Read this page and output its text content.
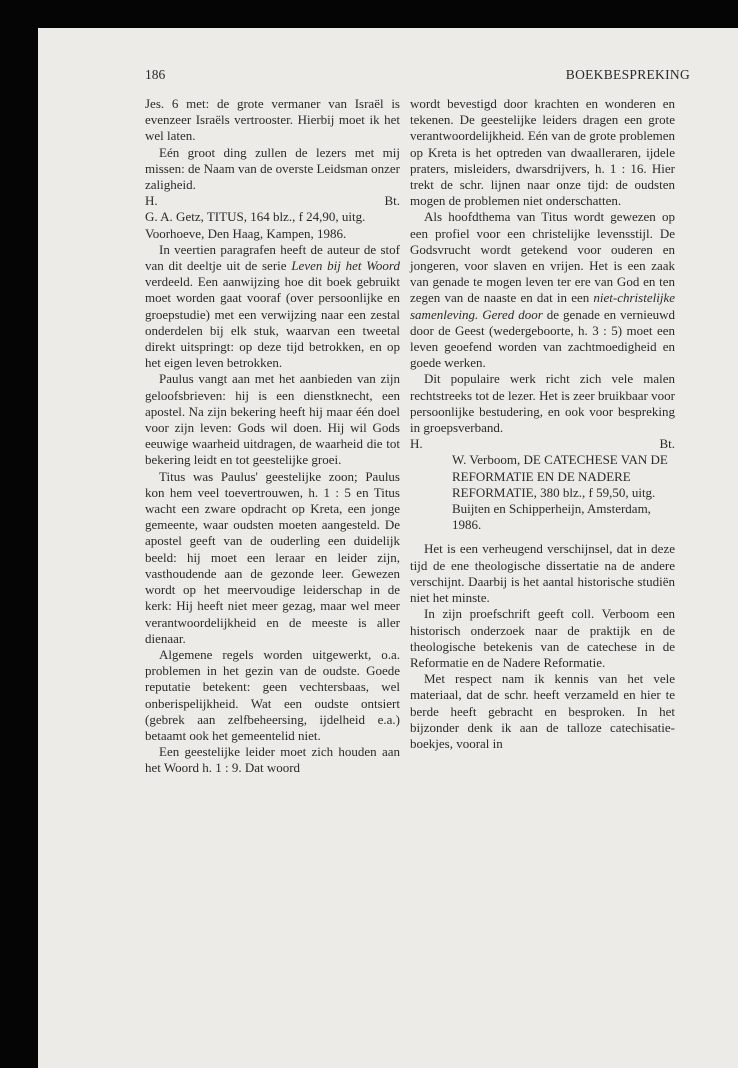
186	BOEKBESPREKING

Jes. 6 met: de grote vermaner van Israël is evenzeer Israëls vertrooster. Hierbij moet ik het wel laten.

Eén groot ding zullen de lezers met mij missen: de Naam van de overste Leidsman onzer zaligheid.

H.	Bt.

G. A. Getz, TITUS, 164 blz., f 24,90, uitg. Voorhoeve, Den Haag, Kampen, 1986.

In veertien paragrafen heeft de auteur de stof van dit deeltje uit de serie Leven bij het Woord verdeeld. Een aanwijzing hoe dit boek gebruikt moet worden gaat vooraf (over persoonlijke en groepstudie) met een verwijzing naar een zestal onderdelen bij elk stuk, waarvan een tweetal direkt uitspringt: op deze tijd betrokken, en op het eigen leven betrokken.

Paulus vangt aan met het aanbieden van zijn geloofsbrieven: hij is een dienstknecht, een apostel. Na zijn bekering heeft hij maar één doel voor zijn leven: Gods wil doen. Hij wil Gods eeuwige waarheid uitdragen, de waarheid die tot bekering leidt en tot geestelijke groei.

Titus was Paulus' geestelijke zoon; Paulus kon hem veel toevertrouwen, h. 1 : 5 en Titus wacht een zware opdracht op Kreta, een jonge gemeente, waar oudsten moeten aangesteld. De apostel geeft van de ouderling een duidelijk beeld: hij moet een leraar en leider zijn, vasthoudende aan de gezonde leer. Gewezen wordt op het meervoudige leiderschap in de kerk: Hij heeft niet meer gezag, maar wel meer verantwoordelijkheid en de meeste is aller dienaar.

Algemene regels worden uitgewerkt, o.a. problemen in het gezin van de oudste. Goede reputatie betekent: geen vechtersbaas, wel onberispelijkheid. Wat een oudste ontsiert (gebrek aan zelfbeheersing, ijdelheid e.a.) betaamt ook het gemeentelid niet.

Een geestelijke leider moet zich houden aan het Woord h. 1 : 9. Dat woord

wordt bevestigd door krachten en wonderen en tekenen. De geestelijke leiders dragen een grote verantwoordelijkheid. Eén van de grote problemen op Kreta is het optreden van dwaalleraren, ijdele praters, misleiders, dwarsdrijvers, h. 1 : 16. Hier trekt de schr. lijnen naar onze tijd: de oudsten mogen de problemen niet onderschatten.

Als hoofdthema van Titus wordt gewezen op een profiel voor een christelijke levensstijl. De Godsvrucht wordt getekend voor ouderen en jongeren, voor slaven en vrijen. Het is een zaak van genade te mogen leven ter ere van God en ten zegen van de naaste en dat in een niet-christelijke samenleving. Gered door de genade en vernieuwd door de Geest (wedergeboorte, h. 3 : 5) moet een leven geoefend worden van zachtmoedigheid en goede werken.

Dit populaire werk richt zich vele malen rechtstreeks tot de lezer. Het is zeer bruikbaar voor persoonlijke bestudering, en ook voor bespreking in groepsverband.

H.	Bt.

W. Verboom, DE CATECHESE VAN DE REFORMATIE EN DE NADERE REFORMATIE, 380 blz., f 59,50, uitg. Buijten en Schipperheijn, Amsterdam, 1986.

Het is een verheugend verschijnsel, dat in deze tijd de ene theologische dissertatie na de andere verschijnt. Daarbij is het aantal historische studiën niet het minste.

In zijn proefschrift geeft coll. Verboom een historisch onderzoek naar de praktijk en de theologische betekenis van de catechese in de Reformatie en de Nadere Reformatie.

Met respect nam ik kennis van het vele materiaal, dat de schr. heeft verzameld en hier te berde heeft gebracht en besproken. In het bijzonder denk ik aan de talloze catechisatie-boekjes, vooral in
